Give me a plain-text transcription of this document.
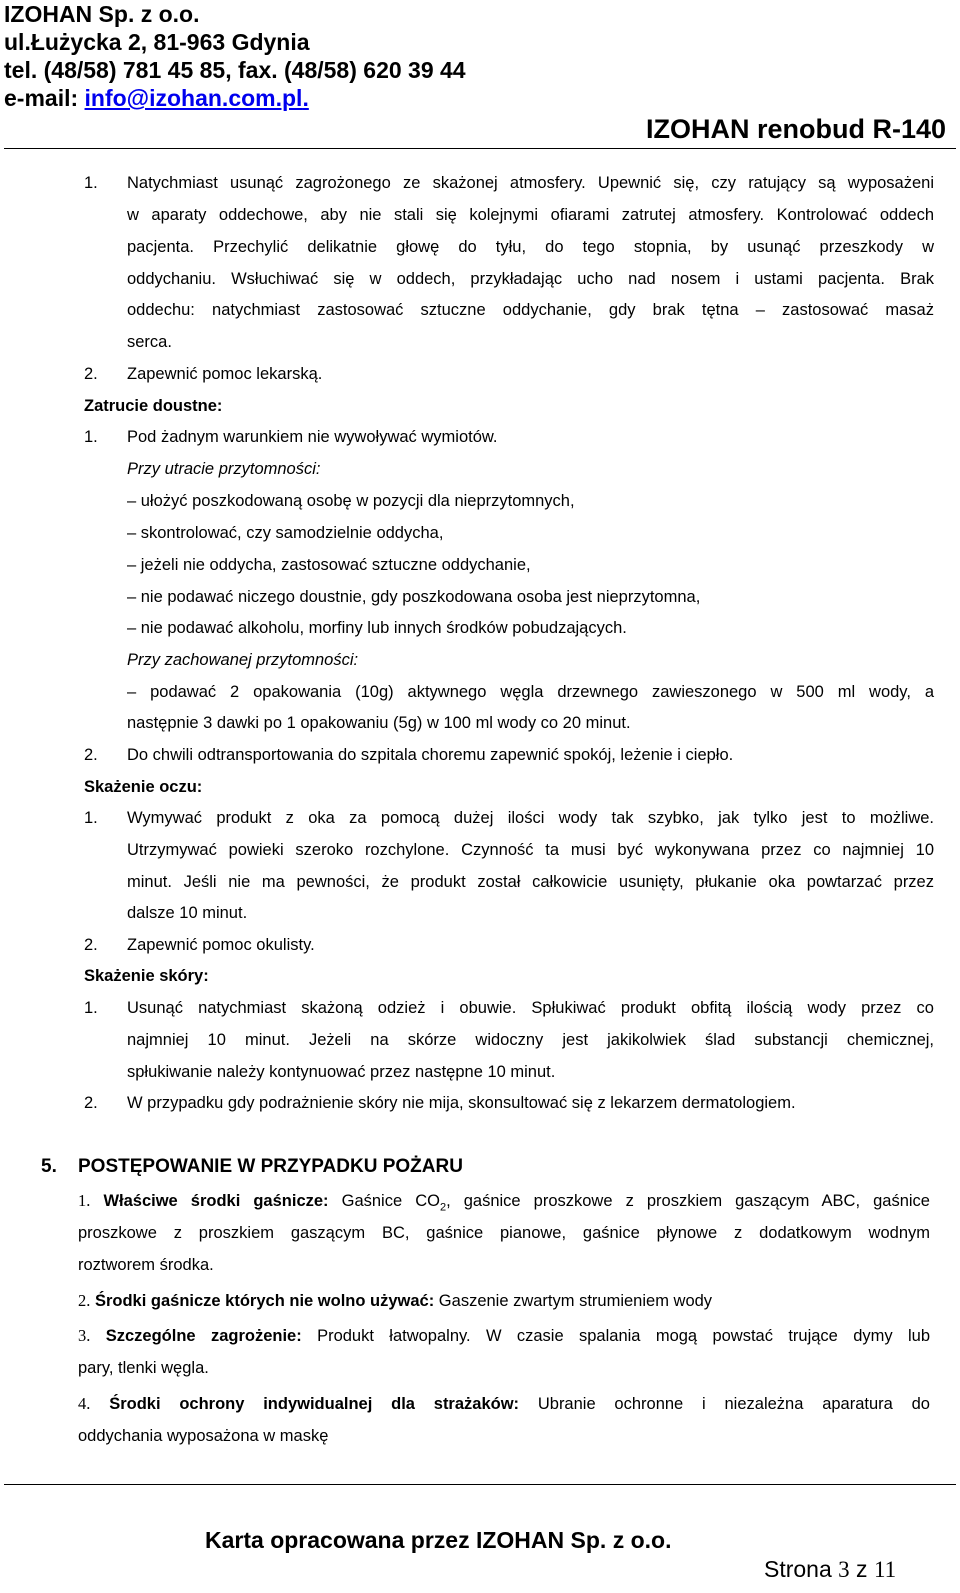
IZOHAN Sp. z o.o.
ul.Łużycka 2, 81-963 Gdynia
tel. (48/58) 781 45 85, fax. (48/58) 620 39 44
e-mail: info@izohan.com.pl.
IZOHAN renobud R-140
1. Natychmiast usunąć zagrożonego ze skażonej atmosfery. Upewnić się, czy ratujący są wyposażeni
w aparaty oddechowe, aby nie stali się kolejnymi ofiarami zatrutej atmosfery. Kontrolować oddech
pacjenta. Przechylić delikatnie głowę do tyłu, do tego stopnia, by usunąć przeszkody w
oddychaniu. Wsłuchiwać się w oddech, przykładając ucho nad nosem i ustami pacjenta. Brak
oddechu: natychmiast zastosować sztuczne oddychanie, gdy brak tętna – zastosować masaż
serca.
2. Zapewnić pomoc lekarską.
Zatrucie doustne:
1. Pod żadnym warunkiem nie wywoływać wymiotów.
Przy utracie przytomności:
– ułożyć poszkodowaną osobę w pozycji dla nieprzytomnych,
– skontrolować, czy samodzielnie oddycha,
– jeżeli nie oddycha, zastosować sztuczne oddychanie,
– nie podawać niczego doustnie, gdy poszkodowana osoba jest nieprzytomna,
– nie podawać alkoholu, morfiny lub innych środków pobudzających.
Przy zachowanej przytomności:
– podawać 2 opakowania (10g) aktywnego węgla drzewnego zawieszonego w 500 ml wody, a
następnie 3 dawki po 1 opakowaniu (5g) w 100 ml wody co 20 minut.
2. Do chwili odtransportowania do szpitala choremu zapewnić spokój, leżenie i ciepło.
Skażenie oczu:
1. Wymywać produkt z oka za pomocą dużej ilości wody tak szybko, jak tylko jest to możliwe.
Utrzymywać powieki szeroko rozchylone. Czynność ta musi być wykonywana przez co najmniej 10
minut. Jeśli nie ma pewności, że produkt został całkowicie usunięty, płukanie oka powtarzać przez
dalsze 10 minut.
2. Zapewnić pomoc okulisty.
Skażenie skóry:
1. Usunąć natychmiast skażoną odzież i obuwie. Spłukiwać produkt obfitą ilością wody przez co
najmniej 10 minut. Jeżeli na skórze widoczny jest jakikolwiek ślad substancji chemicznej,
spłukiwanie należy kontynuować przez następne 10 minut.
2. W przypadku gdy podrażnienie skóry nie mija, skonsultować się z lekarzem dermatologiem.
5. POSTĘPOWANIE W PRZYPADKU POŻARU
1. Właściwe środki gaśnicze: Gaśnice $CO_2$, gaśnice proszkowe z proszkiem gaszącym ABC, gaśnice
proszkowe z proszkiem gaszącym BC, gaśnice pianowe, gaśnice płynowe z dodatkowym wodnym
roztworem środka.
2. Środki gaśnicze których nie wolno używać: Gaszenie zwartym strumieniem wody
3. Szczególne zagrożenie: Produkt łatwopalny. W czasie spalania mogą powstać trujące dymy lub
pary, tlenki węgla.
4. Środki ochrony indywidualnej dla strażaków: Ubranie ochronne i niezależna aparatura do
oddychania wyposażona w maskę
Karta opracowana przez IZOHAN Sp. z o.o.
Strona 3 z 11
